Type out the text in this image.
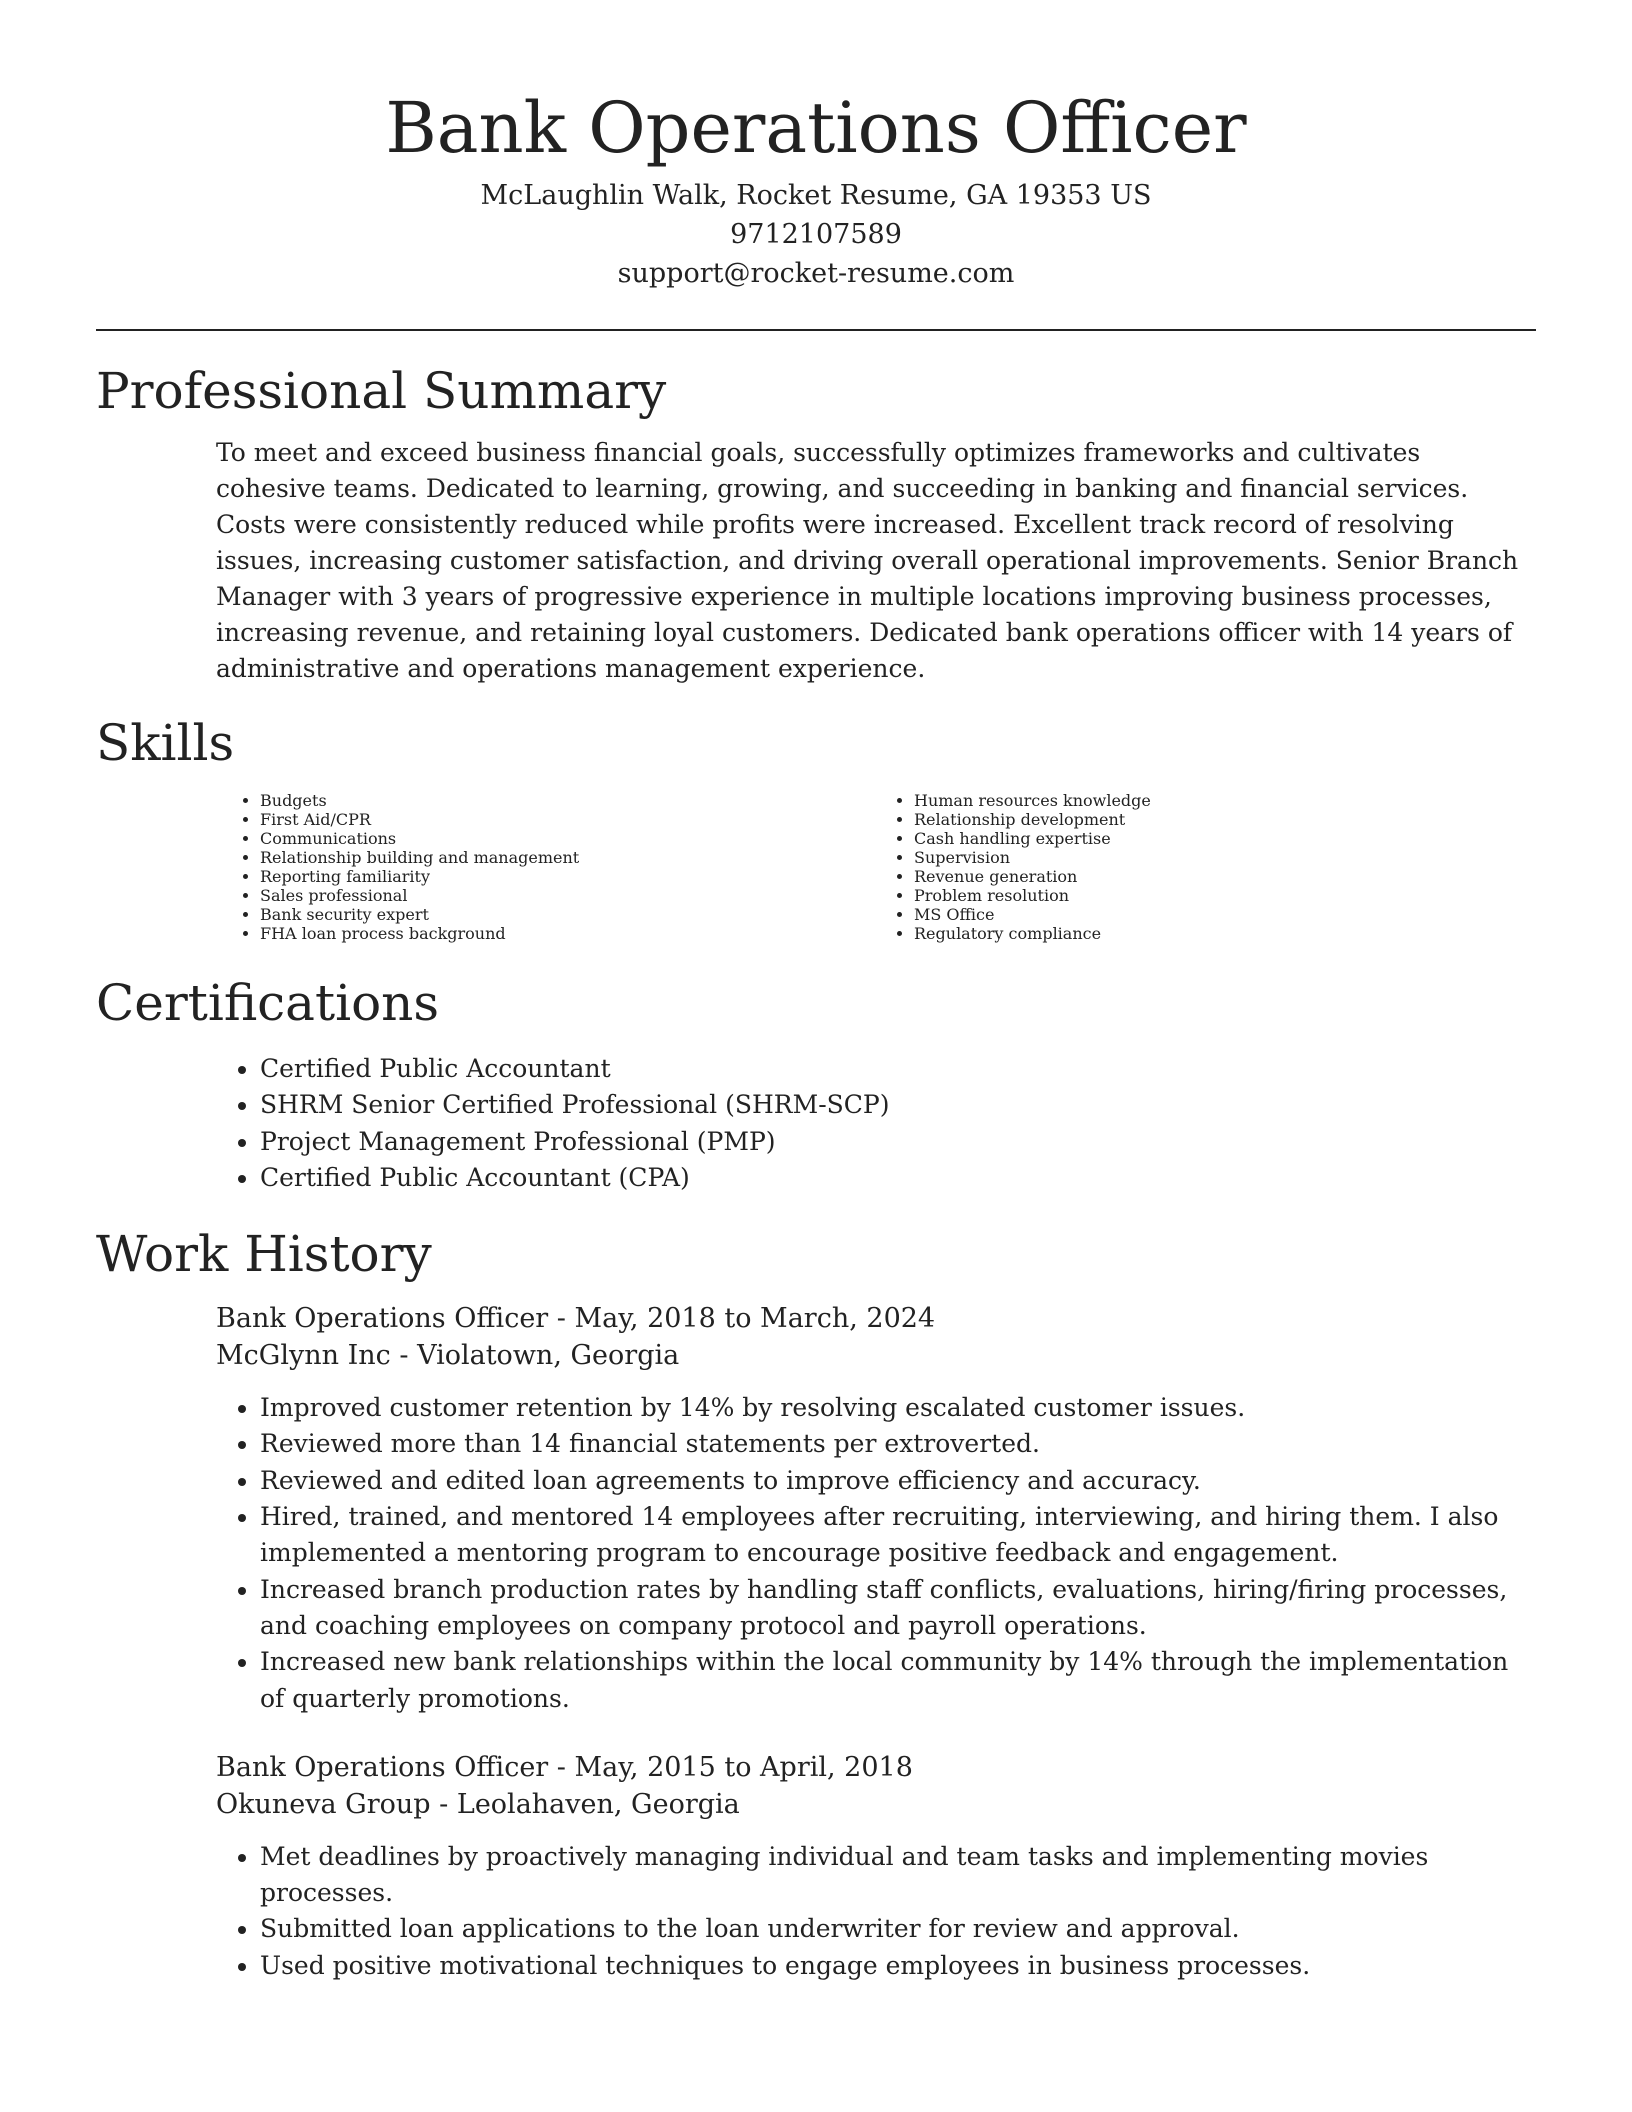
Bank Operations Officer
McLaughlin Walk, Rocket Resume, GA 19353 US
9712107589
support@rocket-resume.com
Professional Summary

To meet and exceed business financial goals, successfully optimizes frameworks and cultivates cohesive teams. Dedicated to learning, growing, and succeeding in banking and financial services. Costs were consistently reduced while profits were increased. Excellent track record of resolving issues, increasing customer satisfaction, and driving overall operational improvements. Senior Branch Manager with 3 years of progressive experience in multiple locations improving business processes, increasing revenue, and retaining loyal customers. Dedicated bank operations officer with 14 years of administrative and operations management experience.

Skills
• Budgets
• First Aid/CPR
• Communications
• Relationship building and management
• Reporting familiarity
• Sales professional
• Bank security expert
• FHA loan process background
• Human resources knowledge
• Relationship development
• Cash handling expertise
• Supervision
• Revenue generation
• Problem resolution
• MS Office
• Regulatory compliance
Certifications
• Certified Public Accountant
• SHRM Senior Certified Professional (SHRM-SCP)
• Project Management Professional (PMP)
• Certified Public Accountant (CPA)
Work History
Bank Operations Officer - May, 2018 to March, 2024
McGlynn Inc - Violatown, Georgia
• Improved customer retention by 14% by resolving escalated customer issues.
• Reviewed more than 14 financial statements per extroverted.
• Reviewed and edited loan agreements to improve efficiency and accuracy.
• Hired, trained, and mentored 14 employees after recruiting, interviewing, and hiring them. I also implemented a mentoring program to encourage positive feedback and engagement.
• Increased branch production rates by handling staff conflicts, evaluations, hiring/firing processes, and coaching employees on company protocol and payroll operations.
• Increased new bank relationships within the local community by 14% through the implementation of quarterly promotions.
Bank Operations Officer - May, 2015 to April, 2018
Okuneva Group - Leolahaven, Georgia
• Met deadlines by proactively managing individual and team tasks and implementing movies processes.
• Submitted loan applications to the loan underwriter for review and approval.
• Used positive motivational techniques to engage employees in business processes.
